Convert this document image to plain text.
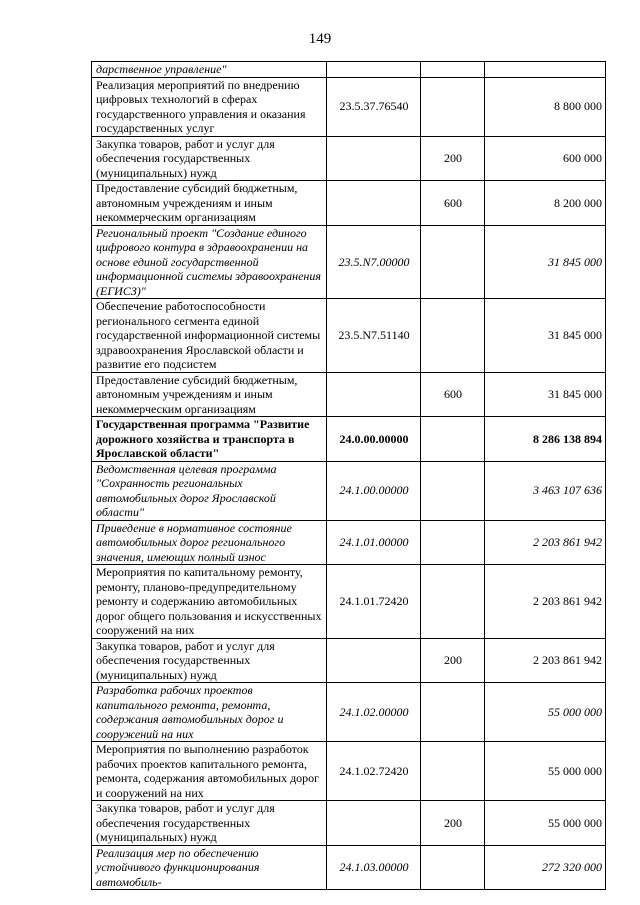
149
дарственное управление"			
Реализация мероприятий по внедрению цифровых технологий в сферах государственного управления и оказания государственных услуг	23.5.37.76540		8 800 000
Закупка товаров, работ и услуг для обеспечения государственных (муниципальных) нужд		200	600 000
Предоставление субсидий бюджетным, автономным учреждениям и иным некоммерческим организациям		600	8 200 000
Региональный проект "Создание единого цифрового контура в здравоохранении на основе единой государственной информационной системы здравоохранения (ЕГИСЗ)"	23.5.N7.00000		31 845 000
Обеспечение работоспособности регионального сегмента единой государственной информационной системы здравоохранения Ярославской области и развитие его подсистем	23.5.N7.51140		31 845 000
Предоставление субсидий бюджетным, автономным учреждениям и иным некоммерческим организациям		600	31 845 000
Государственная программа "Развитие дорожного хозяйства и транспорта в Ярославской области"	24.0.00.00000		8 286 138 894
Ведомственная целевая программа "Сохранность региональных автомобильных дорог Ярославской области"	24.1.00.00000		3 463 107 636
Приведение в нормативное состояние автомобильных дорог регионального значения, имеющих полный износ	24.1.01.00000		2 203 861 942
Мероприятия по капитальному ремонту, ремонту, планово-предупредительному ремонту и содержанию автомобильных дорог общего пользования и искусственных сооружений на них	24.1.01.72420		2 203 861 942
Закупка товаров, работ и услуг для обеспечения государственных (муниципальных) нужд		200	2 203 861 942
Разработка рабочих проектов капитального ремонта, ремонта, содержания автомобильных дорог и сооружений на них	24.1.02.00000		55 000 000
Мероприятия по выполнению разработок рабочих проектов капитального ремонта, ремонта, содержания автомобильных дорог и сооружений на них	24.1.02.72420		55 000 000
Закупка товаров, работ и услуг для обеспечения государственных (муниципальных) нужд		200	55 000 000
Реализация мер по обеспечению устойчивого функционирования автомобиль-	24.1.03.00000		272 320 000
